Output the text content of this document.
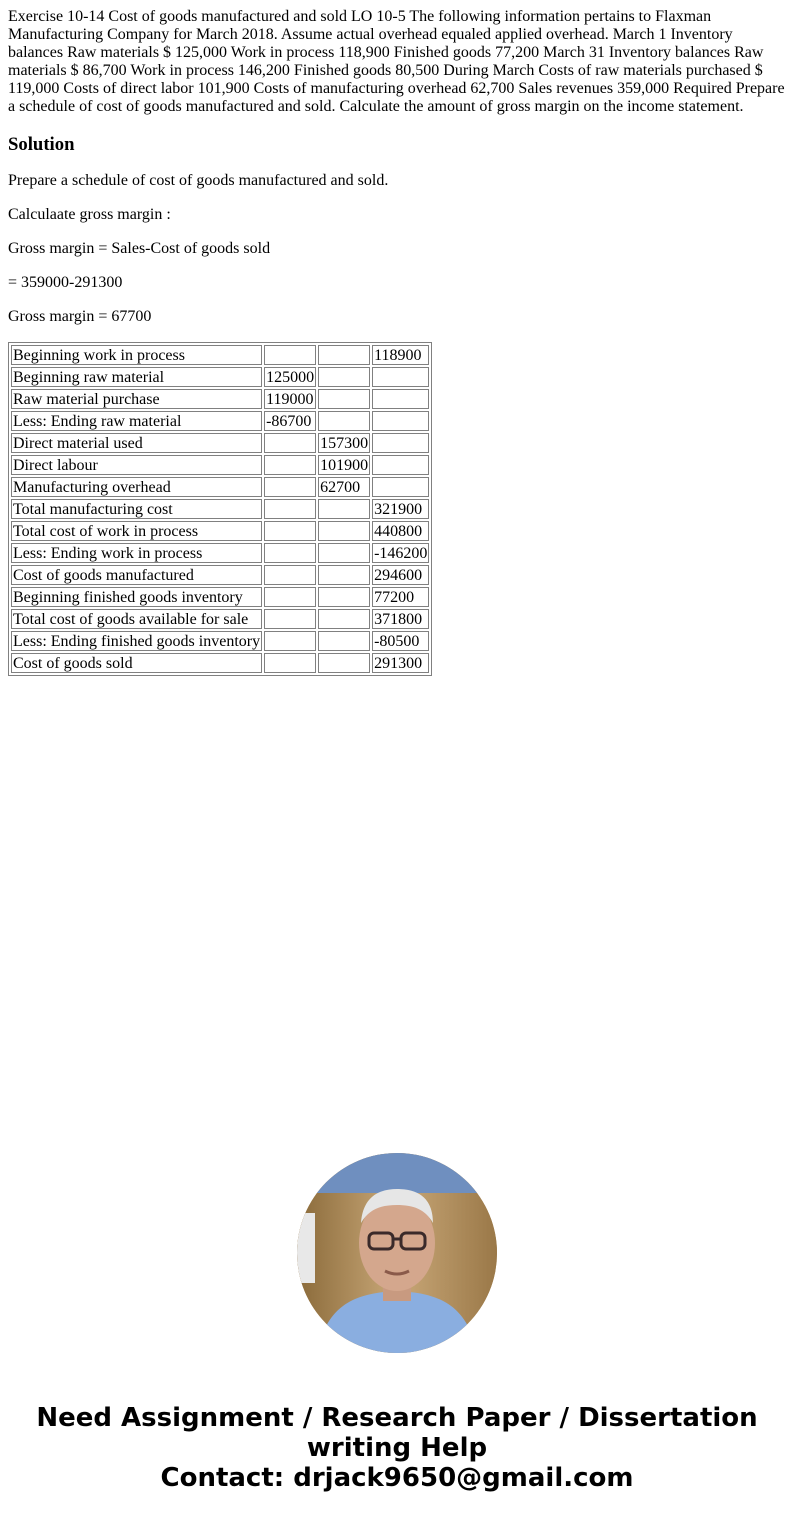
Exercise 10-14 Cost of goods manufactured and sold LO 10-5 The following information pertains to Flaxman Manufacturing Company for March 2018. Assume actual overhead equaled applied overhead. March 1 Inventory balances Raw materials $ 125,000 Work in process 118,900 Finished goods 77,200 March 31 Inventory balances Raw materials $ 86,700 Work in process 146,200 Finished goods 80,500 During March Costs of raw materials purchased $ 119,000 Costs of direct labor 101,900 Costs of manufacturing overhead 62,700 Sales revenues 359,000 Required Prepare a schedule of cost of goods manufactured and sold. Calculate the amount of gross margin on the income statement.

Solution

Prepare a schedule of cost of goods manufactured and sold.

Calculaate gross margin :

Gross margin = Sales-Cost of goods sold

= 359000-291300

Gross margin = 67700

Beginning work in process			118900
Beginning raw material	125000		
Raw material purchase	119000		
Less: Ending raw material	-86700		
Direct material used		157300	
Direct labour		101900	
Manufacturing overhead		62700	
Total manufacturing cost			321900
Total cost of work in process			440800
Less: Ending work in process			-146200
Cost of goods manufactured			294600
Beginning finished goods inventory			77200
Total cost of goods available for sale			371800
Less: Ending finished goods inventory			-80500
Cost of goods sold			291300
Need Assignment / Research Paper / Dissertation
writing Help
Contact: drjack9650@gmail.com
